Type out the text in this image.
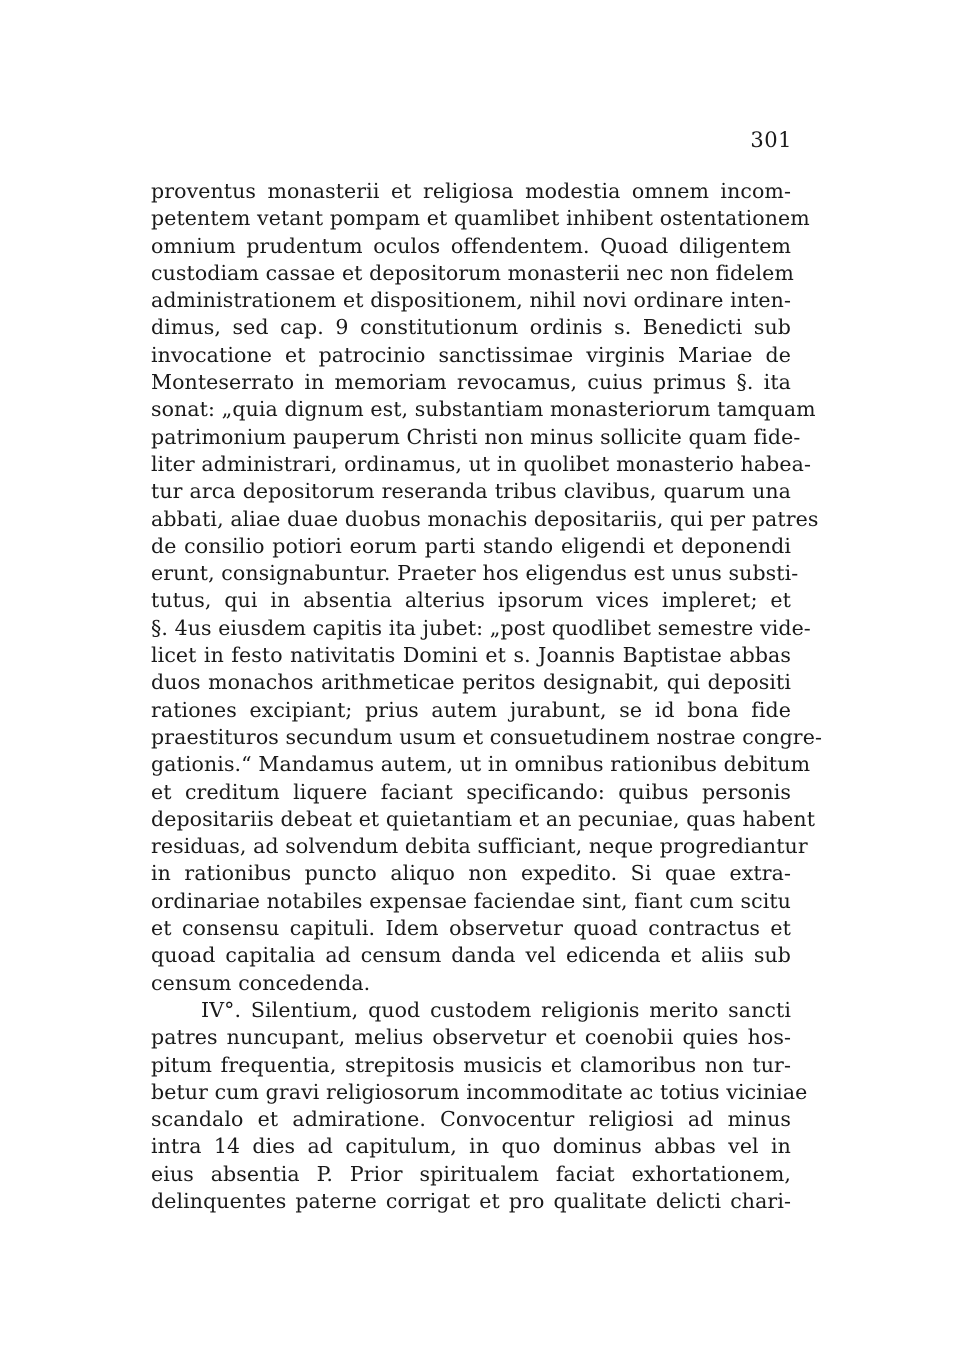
301
proventus monasterii et religiosa modestia omnem incom-
petentem vetant pompam et quamlibet inhibent ostentationem
omnium prudentum oculos offendentem. Quoad diligentem
custodiam cassae et depositorum monasterii nec non fidelem
administrationem et dispositionem, nihil novi ordinare inten-
dimus, sed cap. 9 constitutionum ordinis s. Benedicti sub
invocatione et patrocinio sanctissimae virginis Mariae de
Monteserrato in memoriam revocamus, cuius primus §. ita
sonat: „quia dignum est, substantiam monasteriorum tamquam
patrimonium pauperum Christi non minus sollicite quam fide-
liter administrari, ordinamus, ut in quolibet monasterio habea-
tur arca depositorum reseranda tribus clavibus, quarum una
abbati, aliae duae duobus monachis depositariis, qui per patres
de consilio potiori eorum parti stando eligendi et deponendi
erunt, consignabuntur. Praeter hos eligendus est unus substi-
tutus, qui in absentia alterius ipsorum vices impleret; et
§. 4us eiusdem capitis ita jubet: „post quodlibet semestre vide-
licet in festo nativitatis Domini et s. Joannis Baptistae abbas
duos monachos arithmeticae peritos designabit, qui depositi
rationes excipiant; prius autem jurabunt, se id bona fide
praestituros secundum usum et consuetudinem nostrae congre-
gationis.“ Mandamus autem, ut in omnibus rationibus debitum
et creditum liquere faciant specificando: quibus personis
depositariis debeat et quietantiam et an pecuniae, quas habent
residuas, ad solvendum debita sufficiant, neque progrediantur
in rationibus puncto aliquo non expedito. Si quae extra-
ordinariae notabiles expensae faciendae sint, fiant cum scitu
et consensu capituli. Idem observetur quoad contractus et
quoad capitalia ad censum danda vel edicenda et aliis sub
censum concedenda.
IV°. Silentium, quod custodem religionis merito sancti
patres nuncupant, melius observetur et coenobii quies hos-
pitum frequentia, strepitosis musicis et clamoribus non tur-
betur cum gravi religiosorum incommoditate ac totius viciniae
scandalo et admiratione. Convocentur religiosi ad minus
intra 14 dies ad capitulum, in quo dominus abbas vel in
eius absentia P. Prior spiritualem faciat exhortationem,
delinquentes paterne corrigat et pro qualitate delicti chari-
